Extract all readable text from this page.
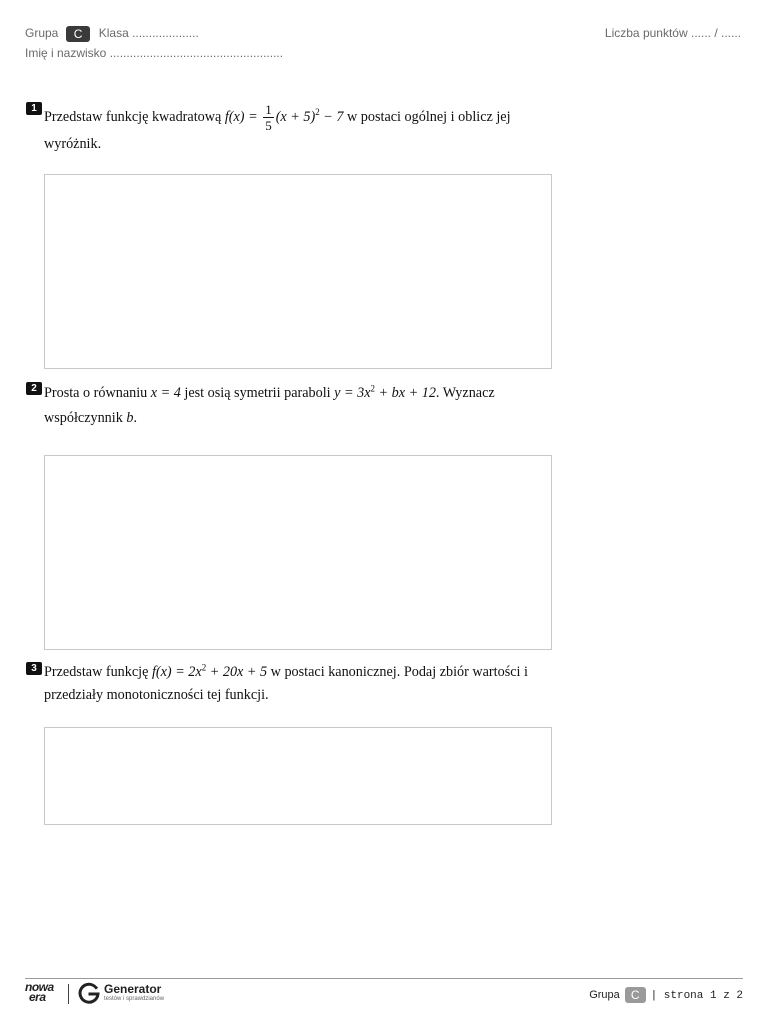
Grupa C Klasa ....................
Imię i nazwisko ....................................................
Liczba punktów ...... / ......
1
Przedstaw funkcję kwadratową $f(x) = \frac{1}{5} (x + 5)^2 - 7$ w postaci ogólnej i oblicz jej wyróżnik.
2 Prosta o równaniu x = 4 jest osią symetrii paraboli $y = 3x^2$ + bx + 12. Wyznacz współczynnik b.
3 Przedstaw funkcję $f(x) = 2x^2 + 20x + 5$ w postaci kanonicznej. Podaj zbiór wartości i przedziały monotoniczności tej funkcji.
nowa
era
Generator
testów i sprawdzianów	Grupa C | strona 1 z 2
